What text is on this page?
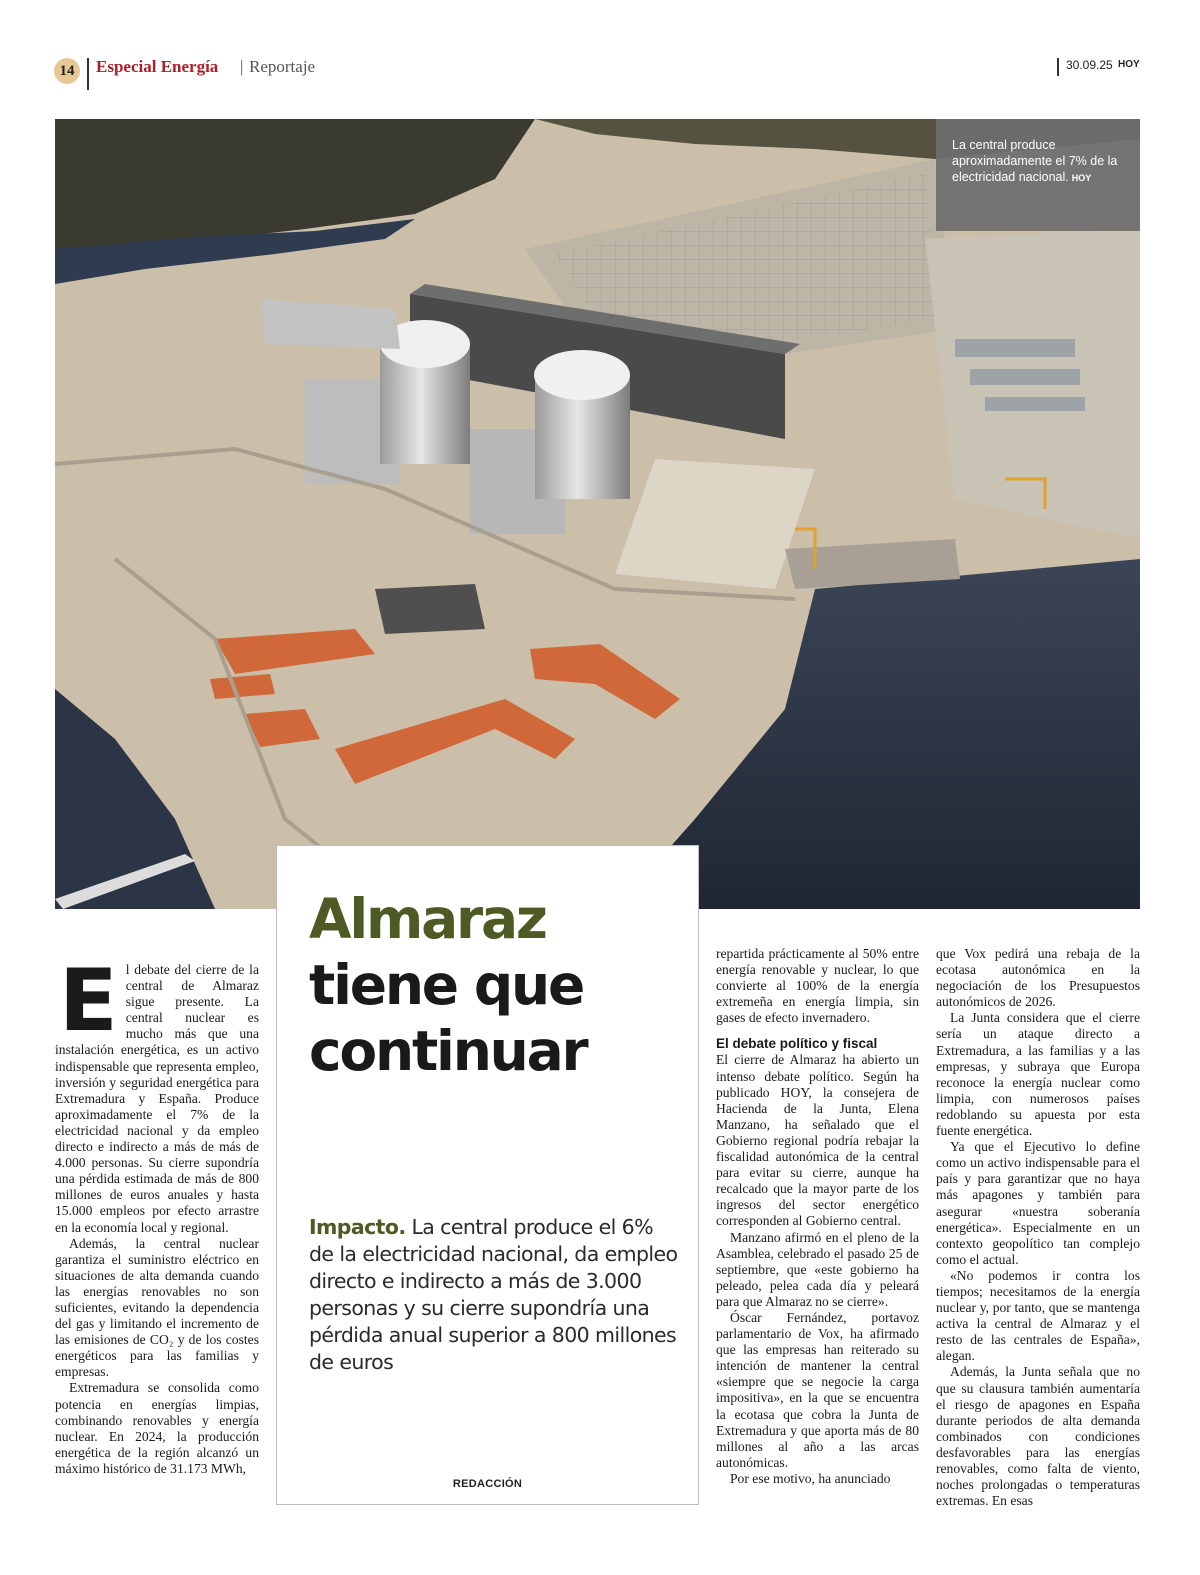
14	Especial Energía | Reportaje	30.09.25 HOY
La central produce aproximadamente el 7% de la electricidad nacional. HOY
Almaraz
tiene que
continuar
Impacto. La central produce el 6% de la electricidad nacional, da empleo directo e indirecto a más de 3.000 personas y su cierre supondría una pérdida anual superior a 800 millones de euros
REDACCIÓN
E l debate del cierre de la central de Almaraz sigue presente. La central nuclear es mucho más que una instalación energética, es un activo indispensable que representa empleo, inversión y seguridad energética para Extremadura y España. Produce aproximadamente el 7% de la electricidad nacional y da empleo directo e indirecto a más de más de 4.000 personas. Su cierre supondría una pérdida estimada de más de 800 millones de euros anuales y hasta 15.000 empleos por efecto arrastre en la economía local y regional.

Además, la central nuclear garantiza el suministro eléctrico en situaciones de alta demanda cuando las energías renovables no son suficientes, evitando la dependencia del gas y limitando el incremento de las emisiones de CO₂ y de los costes energéticos para las familias y empresas.

Extremadura se consolida como potencia en energías limpias, combinando renovables y energía nuclear. En 2024, la producción energética de la región alcanzó un máximo histórico de 31.173 MWh,

repartida prácticamente al 50% entre energía renovable y nuclear, lo que convierte al 100% de la energía extremeña en energía limpia, sin gases de efecto invernadero.

El debate político y fiscal

El cierre de Almaraz ha abierto un intenso debate político. Según ha publicado HOY, la consejera de Hacienda de la Junta, Elena Manzano, ha señalado que el Gobierno regional podría rebajar la fiscalidad autonómica de la central para evitar su cierre, aunque ha recalcado que la mayor parte de los ingresos del sector energético corresponden al Gobierno central.

Manzano afirmó en el pleno de la Asamblea, celebrado el pasado 25 de septiembre, que «este gobierno ha peleado, pelea cada día y peleará para que Almaraz no se cierre».

Óscar Fernández, portavoz parlamentario de Vox, ha afirmado que las empresas han reiterado su intención de mantener la central «siempre que se negocie la carga impositiva», en la que se encuentra la ecotasa que cobra la Junta de Extremadura y que aporta más de 80 millones al año a las arcas autonómicas.

Por ese motivo, ha anunciado

que Vox pedirá una rebaja de la ecotasa autonómica en la negociación de los Presupuestos autonómicos de 2026.

La Junta considera que el cierre sería un ataque directo a Extremadura, a las familias y a las empresas, y subraya que Europa reconoce la energía nuclear como limpia, con numerosos países redoblando su apuesta por esta fuente energética.

Ya que el Ejecutivo lo define como un activo indispensable para el país y para garantizar que no haya más apagones y también para asegurar «nuestra soberanía energética». Especialmente en un contexto geopolítico tan complejo como el actual.

«No podemos ir contra los tiempos; necesitamos de la energía nuclear y, por tanto, que se mantenga activa la central de Almaraz y el resto de las centrales de España», alegan.

Además, la Junta señala que no que su clausura también aumentaría el riesgo de apagones en España durante periodos de alta demanda combinados con condiciones desfavorables para las energías renovables, como falta de viento, noches prolongadas o temperaturas extremas. En esas
